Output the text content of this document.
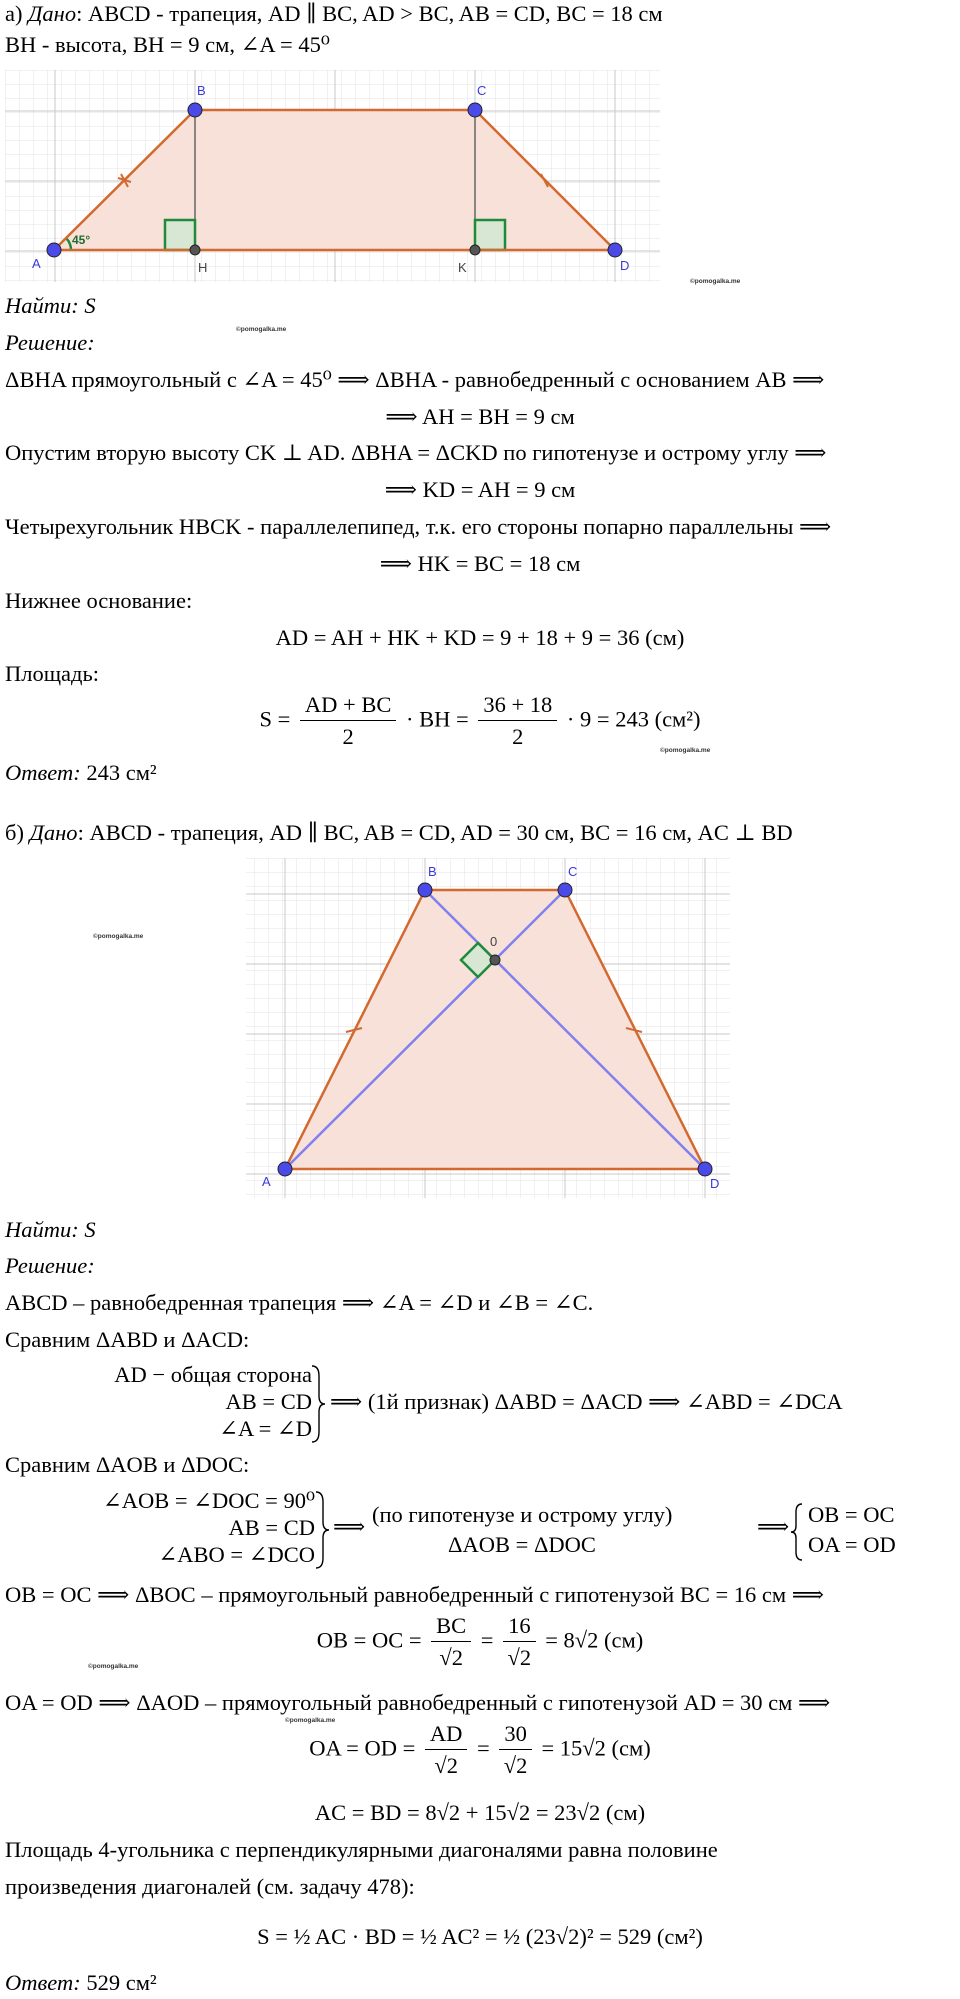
а) Дано: ABCD - трапеция, AD ∥ BC, AD > BC, AB = CD, BC = 18 см
BH - высота, BH = 9 см, ∠A = 45⁰
A
B	C
D
H	K
45°
©pomogalka.me
Найти: S
©pomogalka.me
Решение:
ΔBHA прямоугольный с ∠A = 45⁰ ⟹ ΔBHA - равнобедренный с основанием AB ⟹
⟹ AH = BH = 9 см
Опустим вторую высоту CK ⊥ AD. ΔBHA = ΔCKD по гипотенузе и острому углу ⟹
⟹ KD = AH = 9 см
Четырехугольник HBCK - параллелепипед, т.к. его стороны попарно параллельны ⟹
⟹ HK = BC = 18 см
Нижнее основание:
AD = AH + HK + KD = 9 + 18 + 9 = 36 (см)
Площадь:
$S = \frac{AD + BC}{2}$ · BH = $\frac{36 + 18}{2} \cdot 9 = 243$ (см²)
©pomogalka.me
Ответ: 243 см²
б) Дано: ABCD - трапеция, AD ∥ BC, AB = CD, AD = 30 см, BC = 16 см, AC ⊥ BD
A
B	C
D
0
©pomogalka.me
Найти: S
Решение:
ABCD – равнобедренная трапеция ⟹ ∠A = ∠D и ∠B = ∠C.
Сравним ΔABD и ΔACD:
AD − общая сторона
AB = CD
∠A = ∠D
⟹ (1й признак) ΔABD = ΔACD ⟹ ∠ABD = ∠DCA
Сравним ΔAOB и ΔDOC:
∠AOB = ∠DOC = 90⁰
AB = CD
∠ABO = ∠DCO
⟹ (по гипотенузе и острому углу)
ΔAOB = ΔDOC
⟹ OB = OC
OA = OD
OB = OC ⟹ ΔBOC – прямоугольный равнобедренный с гипотенузой BC = 16 см ⟹
OB = OC = $\frac{BC}{√2} = \frac{16}{√2} = 8√2$ (см)
©pomogalka.me
OA = OD ⟹ ΔAOD – прямоугольный равнобедренный с гипотенузой AD = 30 см ⟹
©pomogalka.me
OA = OD = $\frac{AD}{√2} = \frac{30}{√2} = 15√2$ (см)
AC = BD = 8√2 + 15√2 = 23√2 (см)
Площадь 4-угольника с перпендикулярными диагоналями равна половине
произведения диагоналей (см. задачу 478):
S = ½ AC · BD = ½ AC² = ½ (23√2)² = 529 (см²)
Ответ: 529 см²
